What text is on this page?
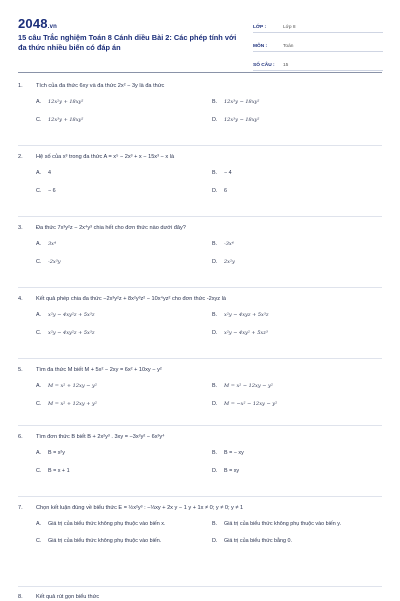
2048.vn
15 câu Trắc nghiệm Toán 8 Cánh diều Bài 2: Các phép tính với đa thức nhiều biến có đáp án
LỚP :	Lớp 8
MÔN :	Toán
SỐ CÂU :	15
1.	Tích của đa thức 6xy và đa thức 2x² − 3y là đa thức
A.	12x²y + 18xy²	B.	12x³y − 18xy²
C.	12x³y + 18xy²	D.	12x³y − 18xy²
2.	Hệ số của x³ trong đa thức A = x⁵ − 2x³ + x − 15x³ − x là
A.	4	B.	− 4
C.	− 6	D.	6
3.	Đa thức 7x³y²z − 2x⁴y³ chia hết cho đơn thức nào dưới đây?
A.	3x⁴	B.	-3x⁴
C.	-2x³y	D.	2x²y
4.	Kết quả phép chia đa thức −2x³y²z + 8x²y³z² − 10x⁴yz² cho đơn thức -2xyz là
A.	x²y − 4xy²z + 5x³z	B.	x²y − 4xyz + 5x³z
C.	x²y − 4xy²z + 5x³z	D.	x²y − 4xy² + 5xz³
5.	Tìm đa thức M biết M + 5x² − 2xy = 6x² + 10xy − y²
A.	M = x² + 12xy − y²	B.	M = x² − 12xy − y²
C.	M = x² + 12xy + y²	D.	M = −x² − 12xy − y²
6.	Tìm đơn thức B biết B + 2x²y³ . 3xy = −3x²y² − 6x³y⁴
A.	B = x²y	B.	B = − xy
C.	B = x + 1	D.	B = xy
7.	Chọn kết luận đúng về biểu thức E = ½x²y³ : −⅓xy + 2x y − 1 y + 1x ≠ 0; y ≠ 0; y ≠ 1
A.	Giá trị của biểu thức không phụ thuộc vào biến x.	B.	Giá trị của biểu thức không phụ thuộc vào biến y.
C.	Giá trị của biểu thức không phụ thuộc vào biến.	D.	Giá trị của biểu thức bằng 0.
8.	Kết quả rút gọn biểu thức
